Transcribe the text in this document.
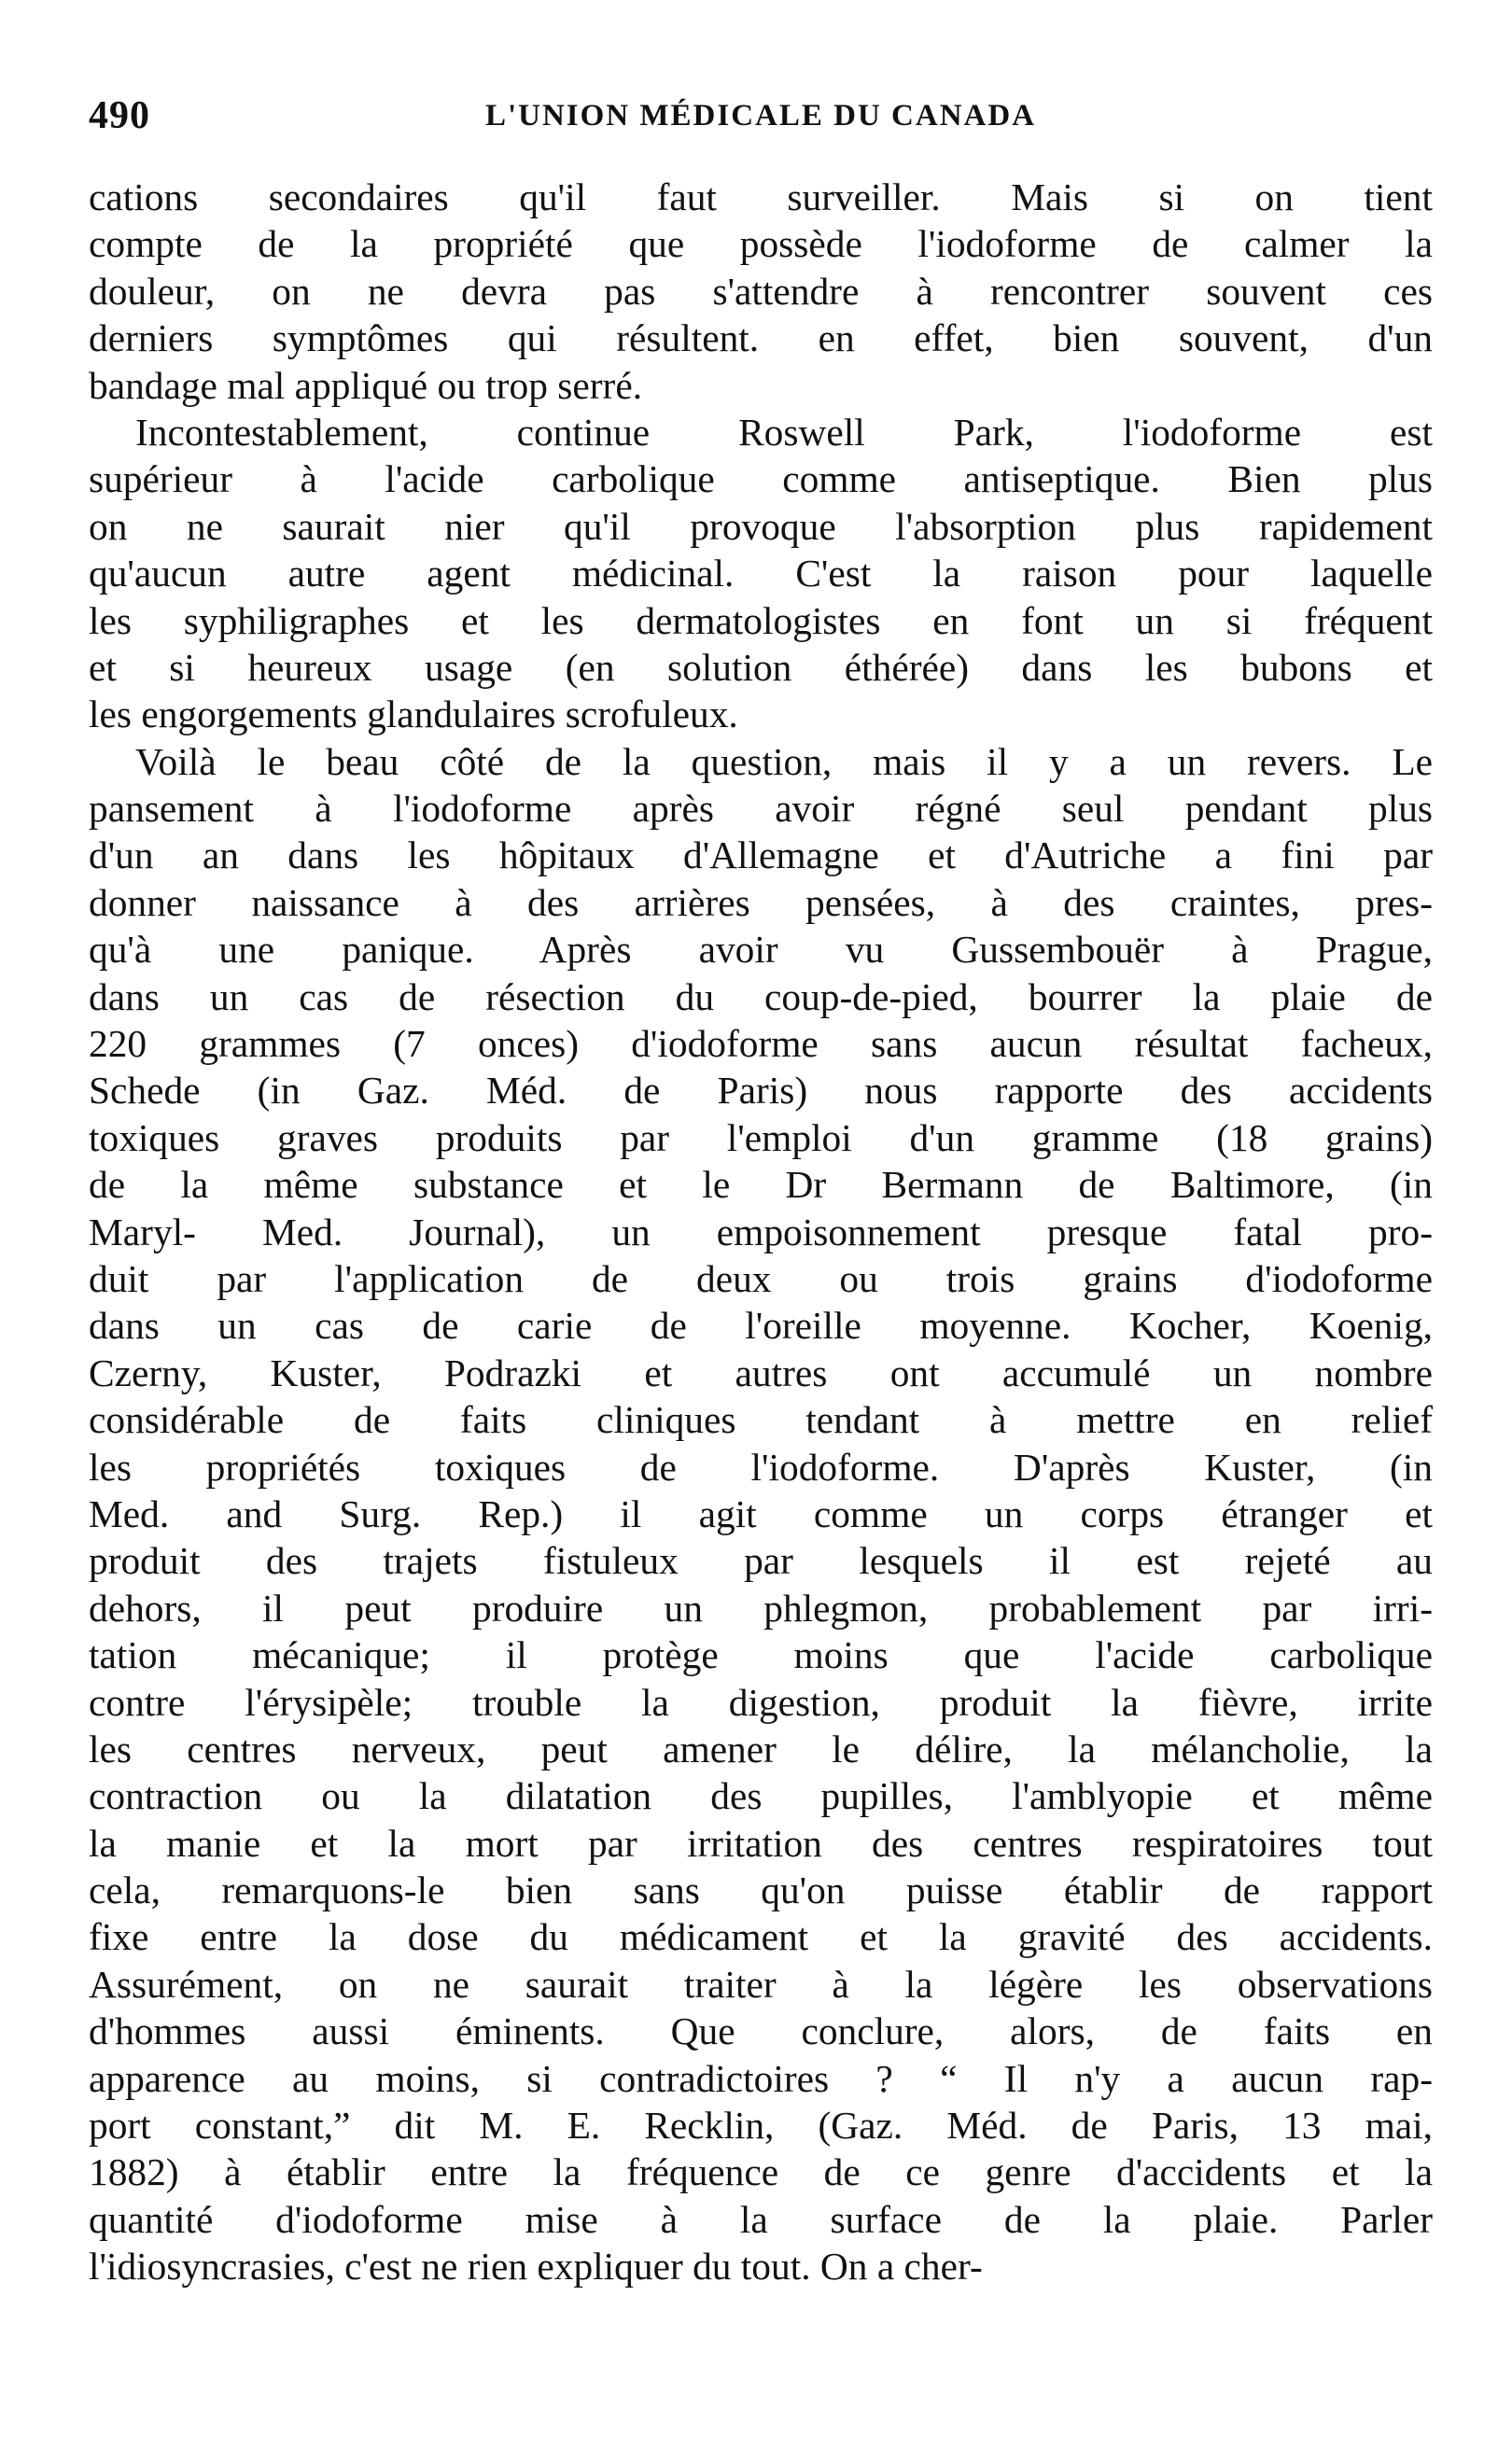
490	L'UNION MÉDICALE DU CANADA
cations secondaires qu'il faut surveiller. Mais si on tient
compte de la propriété que possède l'iodoforme de calmer la
douleur, on ne devra pas s'attendre à rencontrer souvent ces
derniers symptômes qui résultent. en effet, bien souvent, d'un
bandage mal appliqué ou trop serré.
Incontestablement, continue Roswell Park, l'iodoforme est
supérieur à l'acide carbolique comme antiseptique. Bien plus
on ne saurait nier qu'il provoque l'absorption plus rapidement
qu'aucun autre agent médicinal. C'est la raison pour laquelle
les syphiligraphes et les dermatologistes en font un si fréquent
et si heureux usage (en solution éthérée) dans les bubons et
les engorgements glandulaires scrofuleux.
Voilà le beau côté de la question, mais il y a un revers. Le
pansement à l'iodoforme après avoir régné seul pendant plus
d'un an dans les hôpitaux d'Allemagne et d'Autriche a fini par
donner naissance à des arrières pensées, à des craintes, pres-
qu'à une panique. Après avoir vu Gussembouër à Prague,
dans un cas de résection du coup-de-pied, bourrer la plaie de
220 grammes (7 onces) d'iodoforme sans aucun résultat facheux,
Schede (in Gaz. Méd. de Paris) nous rapporte des accidents
toxiques graves produits par l'emploi d'un gramme (18 grains)
de la même substance et le Dr Bermann de Baltimore, (in
Maryl- Med. Journal), un empoisonnement presque fatal pro-
duit par l'application de deux ou trois grains d'iodoforme
dans un cas de carie de l'oreille moyenne. Kocher, Koenig,
Czerny, Kuster, Podrazki et autres ont accumulé un nombre
considérable de faits cliniques tendant à mettre en relief
les propriétés toxiques de l'iodoforme. D'après Kuster, (in
Med. and Surg. Rep.) il agit comme un corps étranger et
produit des trajets fistuleux par lesquels il est rejeté au
dehors, il peut produire un phlegmon, probablement par irri-
tation mécanique; il protège moins que l'acide carbolique
contre l'érysipèle; trouble la digestion, produit la fièvre, irrite
les centres nerveux, peut amener le délire, la mélancholie, la
contraction ou la dilatation des pupilles, l'amblyopie et même
la manie et la mort par irritation des centres respiratoires tout
cela, remarquons-le bien sans qu'on puisse établir de rapport
fixe entre la dose du médicament et la gravité des accidents.
Assurément, on ne saurait traiter à la légère les observations
d'hommes aussi éminents. Que conclure, alors, de faits en
apparence au moins, si contradictoires ? “ Il n'y a aucun rap-
port constant,” dit M. E. Recklin, (Gaz. Méd. de Paris, 13 mai,
1882) à établir entre la fréquence de ce genre d'accidents et la
quantité d'iodoforme mise à la surface de la plaie. Parler
l'idiosyncrasies, c'est ne rien expliquer du tout. On a cher-
